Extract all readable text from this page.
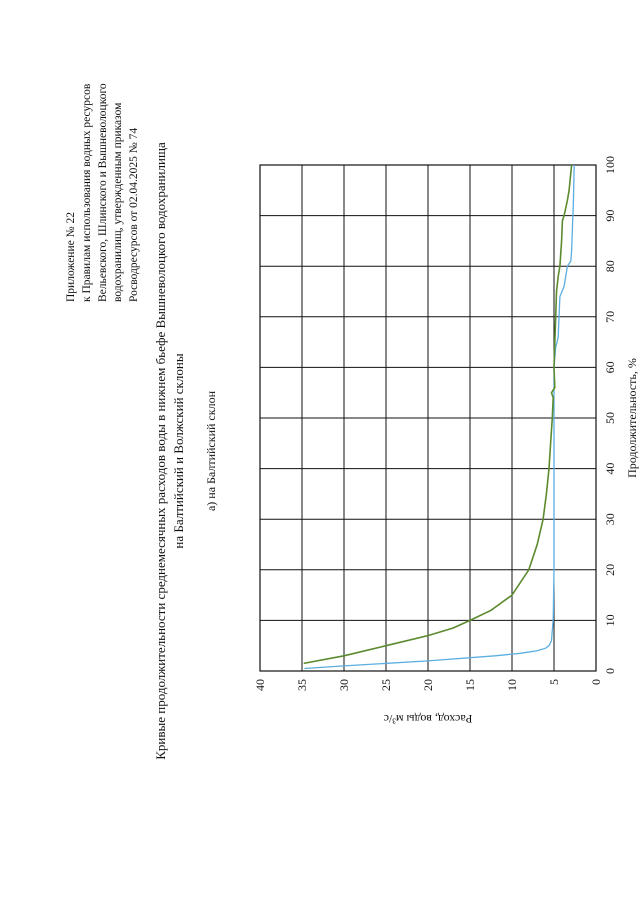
Приложение № 22 к Правилам использования водных ресурсов Вельевского, Шлинского и Вышневолоцкого водохранилищ, утвержденным приказом Росводресурсов от 02.04.2025 № 74 Кривые продолжительности среднемесячных расходов воды в нижнем бьефе Вышневолоцкого водохранилища на Балтийский и Волжский склоны а) на Балтийский склон
0
10
20
30
40
50
60
70
80
90
100
0
5
10
15
20
25
30
35
40
Продолжительность, %
Расход, воды м³/с
